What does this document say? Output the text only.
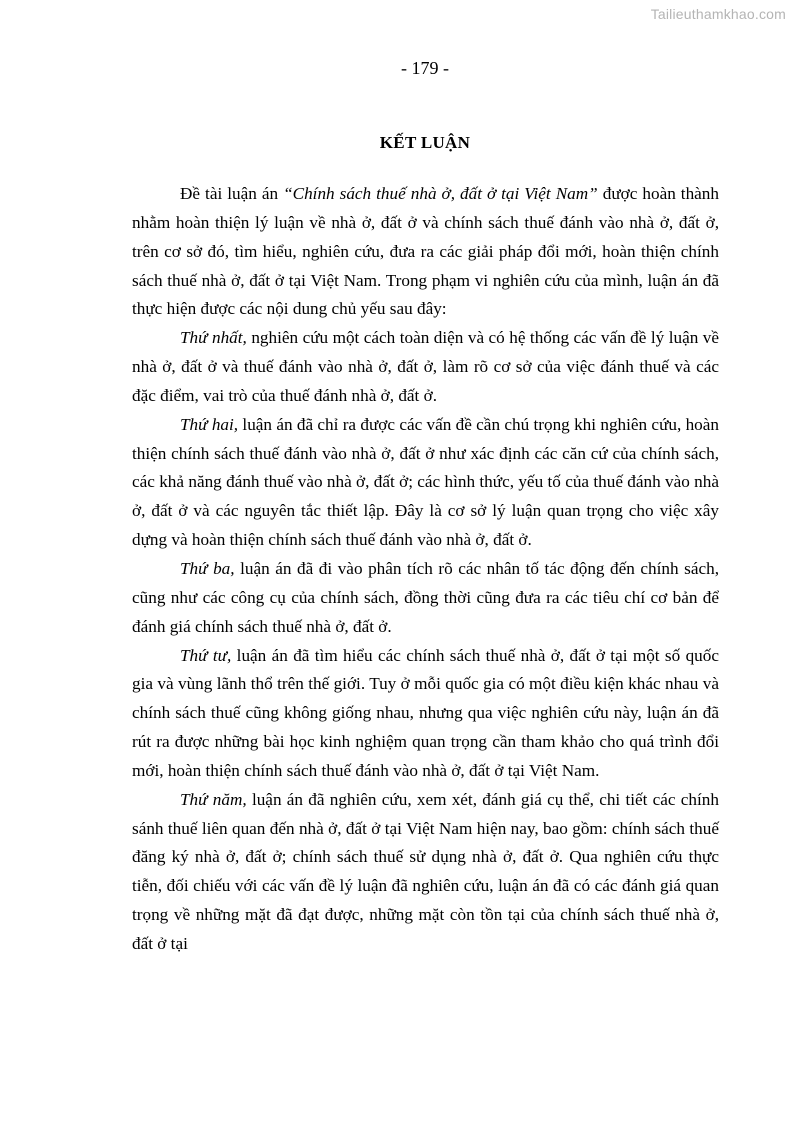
Tailieuthamkhao.com
- 179 -
KẾT LUẬN

Đề tài luận án “Chính sách thuế nhà ở, đất ở tại Việt Nam” được hoàn thành nhằm hoàn thiện lý luận về nhà ở, đất ở và chính sách thuế đánh vào nhà ở, đất ở, trên cơ sở đó, tìm hiểu, nghiên cứu, đưa ra các giải pháp đổi mới, hoàn thiện chính sách thuế nhà ở, đất ở tại Việt Nam. Trong phạm vi nghiên cứu của mình, luận án đã thực hiện được các nội dung chủ yếu sau đây:

Thứ nhất, nghiên cứu một cách toàn diện và có hệ thống các vấn đề lý luận về nhà ở, đất ở và thuế đánh vào nhà ở, đất ở, làm rõ cơ sở của việc đánh thuế và các đặc điểm, vai trò của thuế đánh nhà ở, đất ở.

Thứ hai, luận án đã chỉ ra được các vấn đề cần chú trọng khi nghiên cứu, hoàn thiện chính sách thuế đánh vào nhà ở, đất ở như xác định các căn cứ của chính sách, các khả năng đánh thuế vào nhà ở, đất ở; các hình thức, yếu tố của thuế đánh vào nhà ở, đất ở và các nguyên tắc thiết lập. Đây là cơ sở lý luận quan trọng cho việc xây dựng và hoàn thiện chính sách thuế đánh vào nhà ở, đất ở.

Thứ ba, luận án đã đi vào phân tích rõ các nhân tố tác động đến chính sách, cũng như các công cụ của chính sách, đồng thời cũng đưa ra các tiêu chí cơ bản để đánh giá chính sách thuế nhà ở, đất ở.

Thứ tư, luận án đã tìm hiểu các chính sách thuế nhà ở, đất ở tại một số quốc gia và vùng lãnh thổ trên thế giới. Tuy ở mỗi quốc gia có một điều kiện khác nhau và chính sách thuế cũng không giống nhau, nhưng qua việc nghiên cứu này, luận án đã rút ra được những bài học kinh nghiệm quan trọng cần tham khảo cho quá trình đổi mới, hoàn thiện chính sách thuế đánh vào nhà ở, đất ở tại Việt Nam.

Thứ năm, luận án đã nghiên cứu, xem xét, đánh giá cụ thể, chi tiết các chính sánh thuế liên quan đến nhà ở, đất ở tại Việt Nam hiện nay, bao gồm: chính sách thuế đăng ký nhà ở, đất ở; chính sách thuế sử dụng nhà ở, đất ở. Qua nghiên cứu thực tiễn, đối chiếu với các vấn đề lý luận đã nghiên cứu, luận án đã có các đánh giá quan trọng về những mặt đã đạt được, những mặt còn tồn tại của chính sách thuế nhà ở, đất ở tại
